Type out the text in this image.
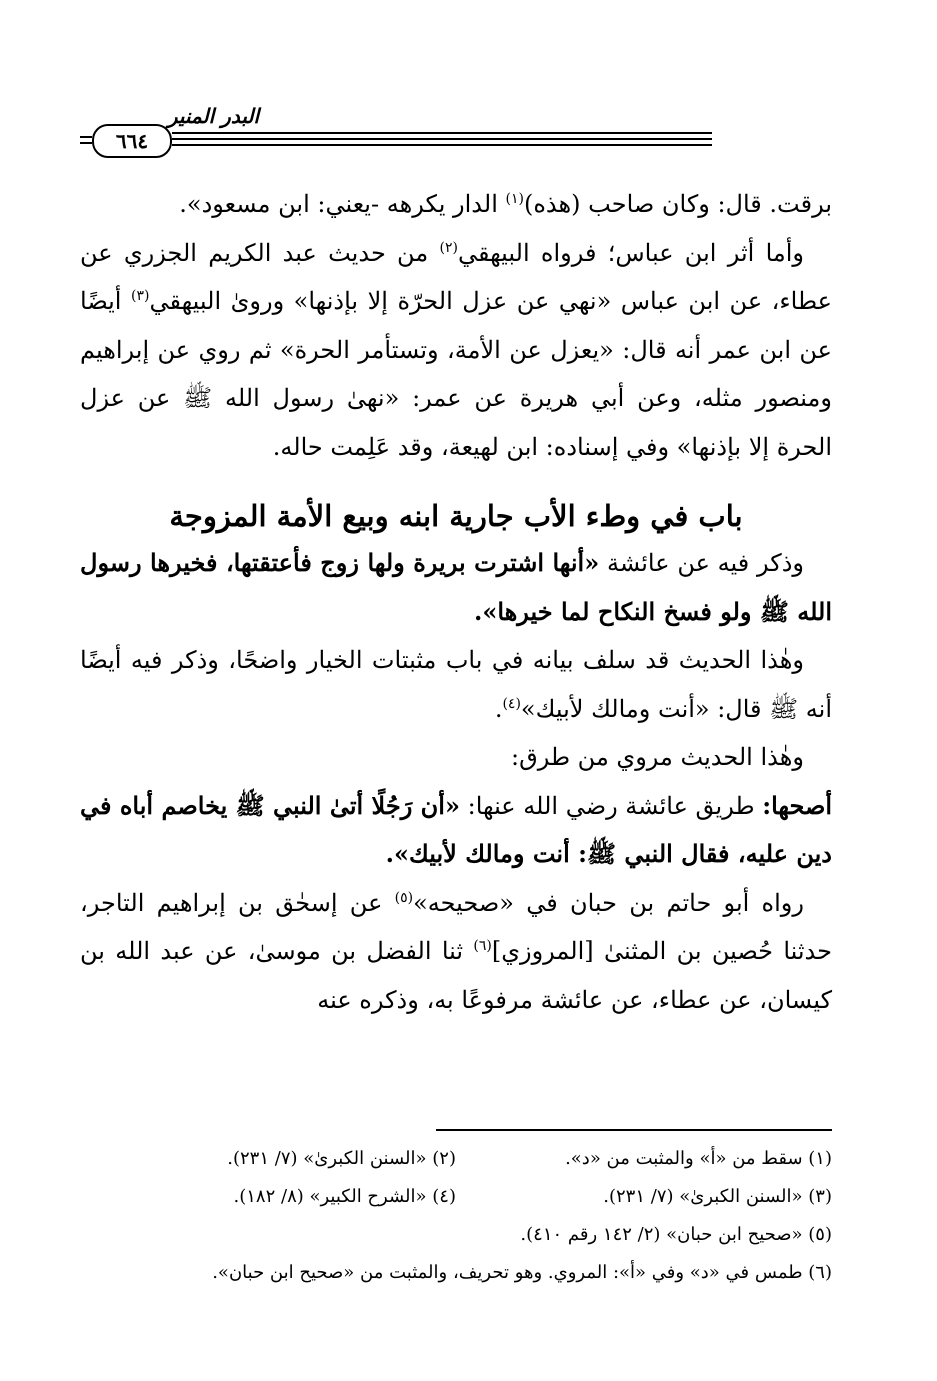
البدر المنير
٦٦٤

برقت. قال: وكان صاحب (هذه)$^{(١)}$ الدار يكرهه -يعني: ابن مسعود».

وأما أثر ابن عباس؛ فرواه البيهقي$^{(٢)}$ من حديث عبد الكريم الجزري عن عطاء، عن ابن عباس «نهي عن عزل الحرّة إلا بإذنها» وروىٰ البيهقي$^{(٣)}$ أيضًا عن ابن عمر أنه قال: «يعزل عن الأمة، وتستأمر الحرة» ثم روي عن إبراهيم ومنصور مثله، وعن أبي هريرة عن عمر: «نهىٰ رسول الله ﷺ عن عزل الحرة إلا بإذنها» وفي إسناده: ابن لهيعة، وقد عَلِمت حاله.

باب في وطء الأب جارية ابنه وبيع الأمة المزوجة

وذكر فيه عن عائشة «أنها اشترت بريرة ولها زوج فأعتقتها، فخيرها رسول الله ﷺ ولو فسخ النكاح لما خيرها».

وهٰذا الحديث قد سلف بيانه في باب مثبتات الخيار واضحًا، وذكر فيه أيضًا أنه ﷺ قال: «أنت ومالك لأبيك»$^{(٤)}$.

وهٰذا الحديث مروي من طرق:

أصحها: طريق عائشة رضي الله عنها: «أن رَجُلًا أتىٰ النبي ﷺ يخاصم أباه في دين عليه، فقال النبي ﷺ: أنت ومالك لأبيك».

رواه أبو حاتم بن حبان في «صحيحه»$^{(٥)}$ عن إسحٰق بن إبراهيم التاجر، حدثنا حُصين بن المثنىٰ [المروزي]$^{(٦)}$ ثنا الفضل بن موسىٰ، عن عبد الله بن كيسان، عن عطاء، عن عائشة مرفوعًا به، وذكره عنه

(١) سقط من «أ» والمثبت من «د».
(٢) «السنن الكبرىٰ» (٧/ ٢٣١).
(٣) «السنن الكبرىٰ» (٧/ ٢٣١).
(٤) «الشرح الكبير» (٨/ ١٨٢).
(٥) «صحيح ابن حبان» (٢/ ١٤٢ رقم ٤١٠).
(٦) طمس في «د» وفي «أ»: المروي. وهو تحريف، والمثبت من «صحيح ابن حبان».
